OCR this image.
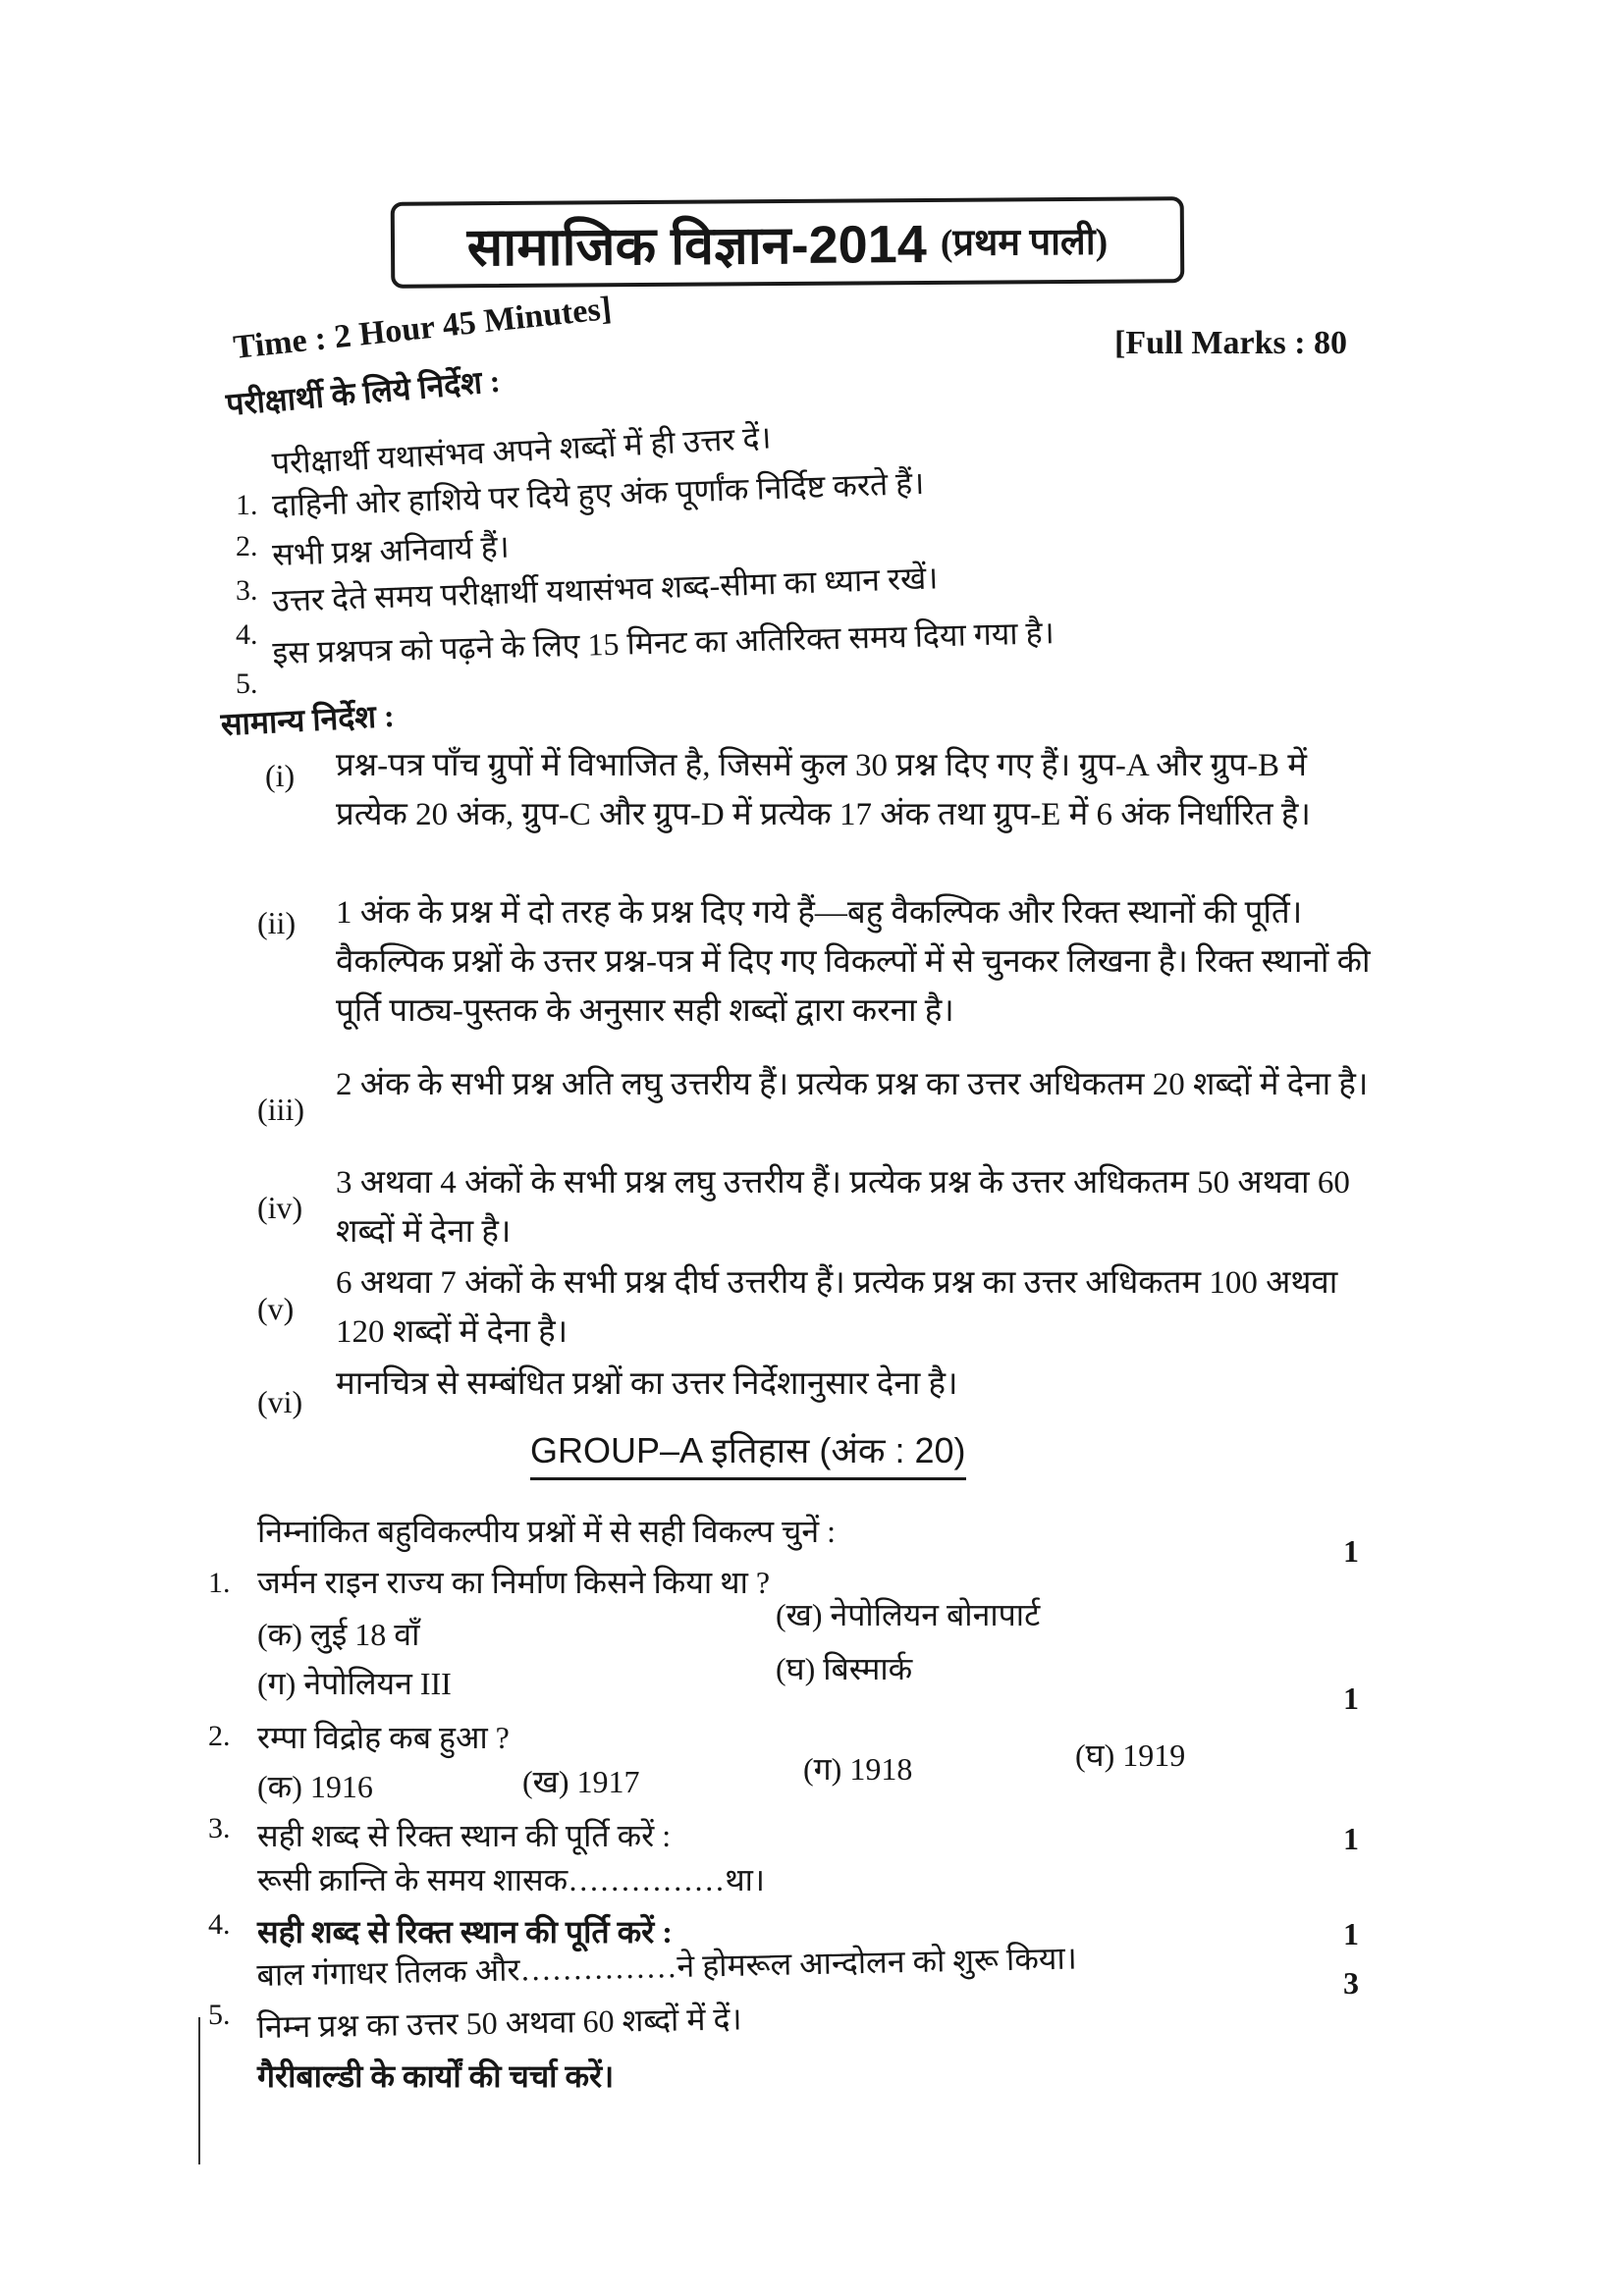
सामाजिक विज्ञान-2014 (प्रथम पाली)
Time : 2 Hour 45 Minutes]	[Full Marks : 80
परीक्षार्थी के लिये निर्देश :
1.
परीक्षार्थी यथासंभव अपने शब्दों में ही उत्तर दें।
2.
दाहिनी ओर हाशिये पर दिये हुए अंक पूर्णांक निर्दिष्ट करते हैं।
3.
सभी प्रश्न अनिवार्य हैं।
4.
उत्तर देते समय परीक्षार्थी यथासंभव शब्द-सीमा का ध्यान रखें।
5.
इस प्रश्नपत्र को पढ़ने के लिए 15 मिनट का अतिरिक्त समय दिया गया है।
सामान्य निर्देश :
(i) प्रश्न-पत्र पाँच ग्रुपों में विभाजित है, जिसमें कुल 30 प्रश्न दिए गए हैं। ग्रुप-A और ग्रुप-B में प्रत्येक 20 अंक, ग्रुप-C और ग्रुप-D में प्रत्येक 17 अंक तथा ग्रुप-E में 6 अंक निर्धारित है।
(ii) 1 अंक के प्रश्न में दो तरह के प्रश्न दिए गये हैं—बहु वैकल्पिक और रिक्त स्थानों की पूर्ति। वैकल्पिक प्रश्नों के उत्तर प्रश्न-पत्र में दिए गए विकल्पों में से चुनकर लिखना है। रिक्त स्थानों की पूर्ति पाठ्य-पुस्तक के अनुसार सही शब्दों द्वारा करना है।
(iii)
2 अंक के सभी प्रश्न अति लघु उत्तरीय हैं। प्रत्येक प्रश्न का उत्तर अधिकतम 20 शब्दों में देना है।
(iv)
3 अथवा 4 अंकों के सभी प्रश्न लघु उत्तरीय हैं। प्रत्येक प्रश्न के उत्तर अधिकतम 50 अथवा 60 शब्दों में देना है।
(v)
6 अथवा 7 अंकों के सभी प्रश्न दीर्घ उत्तरीय हैं। प्रत्येक प्रश्न का उत्तर अधिकतम 100 अथवा 120 शब्दों में देना है।
(vi) मानचित्र से सम्बंधित प्रश्नों का उत्तर निर्देशानुसार देना है।
GROUP–A इतिहास (अंक : 20)
निम्नांकित बहुविकल्पीय प्रश्नों में से सही विकल्प चुनें :
1. जर्मन राइन राज्य का निर्माण किसने किया था ?
1
(क) लुई 18 वाँ
(ख) नेपोलियन बोनापार्ट
(ग) नेपोलियन III	(घ) बिस्मार्क
2. रम्पा विद्रोह कब हुआ ?
1
(क) 1916	(ख) 1917	(ग) 1918	(घ) 1919
3. सही शब्द से रिक्त स्थान की पूर्ति करें :
रूसी क्रान्ति के समय शासक……………था।
1
4. सही शब्द से रिक्त स्थान की पूर्ति करें :
बाल गंगाधर तिलक और……………ने होमरूल आन्दोलन को शुरू किया।
1
5. निम्न प्रश्न का उत्तर 50 अथवा 60 शब्दों में दें।
गैरीबाल्डी के कार्यों की चर्चा करें।
3
